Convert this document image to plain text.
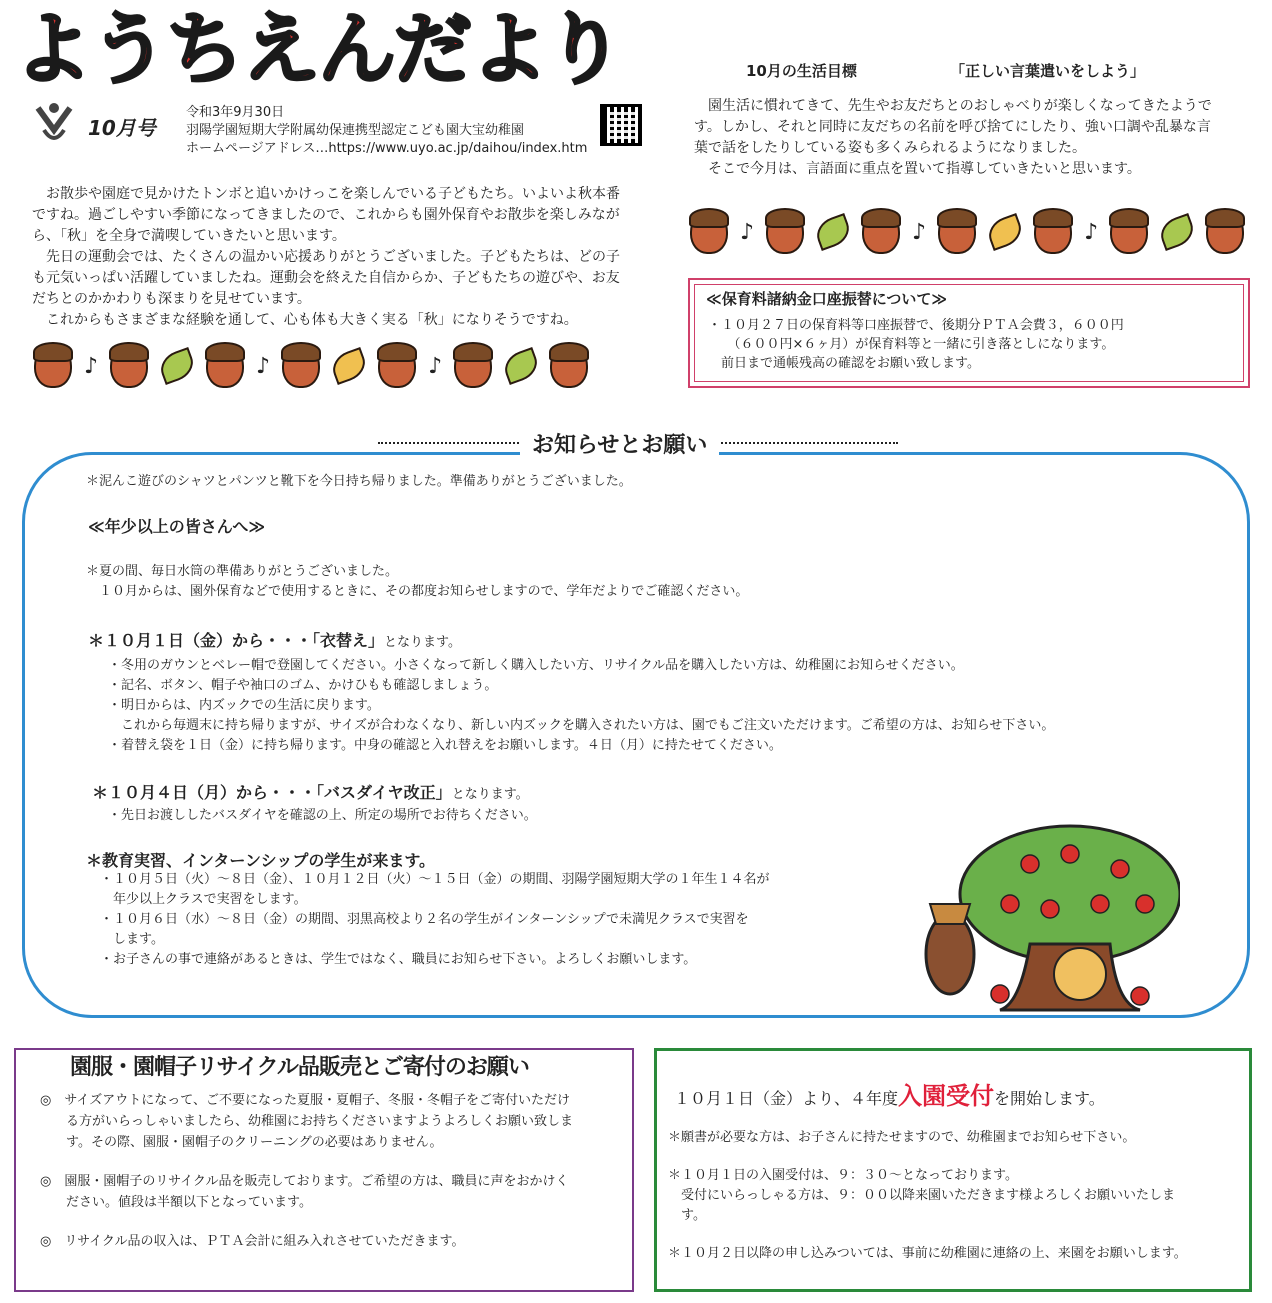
ようちえんだより
10月号
令和3年9月30日
羽陽学園短期大学附属幼保連携型認定こども園大宝幼稚園
ホームページアドレス…https://www.uyo.ac.jp/daihou/index.htm
お散歩や園庭で見かけたトンボと追いかけっこを楽しんでいる子どもたち。いよいよ秋本番
ですね。過ごしやすい季節になってきましたので、これからも園外保育やお散歩を楽しみなが
ら、「秋」を全身で満喫していきたいと思います。
先日の運動会では、たくさんの温かい応援ありがとうございました。子どもたちは、どの子
も元気いっぱい活躍していましたね。運動会を終えた自信からか、子どもたちの遊びや、お友
だちとのかかわりも深まりを見せています。
これからもさまざまな経験を通して、心も体も大きく実る「秋」になりそうですね。
♪	♪	♪
10月の生活目標	「正しい言葉遣いをしよう」
園生活に慣れてきて、先生やお友だちとのおしゃべりが楽しくなってきたようで
す。しかし、それと同時に友だちの名前を呼び捨てにしたり、強い口調や乱暴な言
葉で話をしたりしている姿も多くみられるようになりました。
そこで今月は、言語面に重点を置いて指導していきたいと思います。
♪	♪	♪
≪保育料諸納金口座振替について≫
・１０月２７日の保育料等口座振替で、後期分ＰＴＡ会費３，６００円
（６００円×６ヶ月）が保育料等と一緒に引き落としになります。
前日まで通帳残高の確認をお願い致します。
お知らせとお願い
＊泥んこ遊びのシャツとパンツと靴下を今日持ち帰りました。準備ありがとうございました。
≪年少以上の皆さんへ≫
＊夏の間、毎日水筒の準備ありがとうございました。
１０月からは、園外保育などで使用するときに、その都度お知らせしますので、学年だよりでご確認ください。
＊１０月１日（金）から・・・「衣替え」となります。
・冬用のガウンとベレー帽で登園してください。小さくなって新しく購入したい方、リサイクル品を購入したい方は、幼稚園にお知らせください。
・記名、ボタン、帽子や袖口のゴム、かけひもも確認しましょう。
・明日からは、内ズックでの生活に戻ります。
これから毎週末に持ち帰りますが、サイズが合わなくなり、新しい内ズックを購入されたい方は、園でもご注文いただけます。ご希望の方は、お知らせ下さい。
・着替え袋を１日（金）に持ち帰ります。中身の確認と入れ替えをお願いします。４日（月）に持たせてください。
＊１０月４日（月）から・・・「バスダイヤ改正」となります。
・先日お渡ししたバスダイヤを確認の上、所定の場所でお待ちください。
＊教育実習、インターンシップの学生が来ます。
・１０月５日（火）～８日（金）、１０月１２日（火）～１５日（金）の期間、羽陽学園短期大学の１年生１４名が
年少以上クラスで実習をします。
・１０月６日（水）～８日（金）の期間、羽黒高校より２名の学生がインターンシップで未満児クラスで実習を
します。
・お子さんの事で連絡があるときは、学生ではなく、職員にお知らせ下さい。よろしくお願いします。
園服・園帽子リサイクル品販売とご寄付のお願い
◎　サイズアウトになって、ご不要になった夏服・夏帽子、冬服・冬帽子をご寄付いただけ
る方がいらっしゃいましたら、幼稚園にお持ちくださいますようよろしくお願い致しま
す。その際、園服・園帽子のクリーニングの必要はありません。
◎　園服・園帽子のリサイクル品を販売しております。ご希望の方は、職員に声をおかけく
ださい。値段は半額以下となっています。
◎　リサイクル品の収入は、ＰＴＡ会計に組み入れさせていただきます。
１０月１日（金）より、４年度入園受付を開始します。
＊願書が必要な方は、お子さんに持たせますので、幼稚園までお知らせ下さい。
＊１０月１日の入園受付は、９：３０～となっております。
受付にいらっしゃる方は、９：００以降来園いただきます様よろしくお願いいたしま
す。
＊１０月２日以降の申し込みついては、事前に幼稚園に連絡の上、来園をお願いします。
